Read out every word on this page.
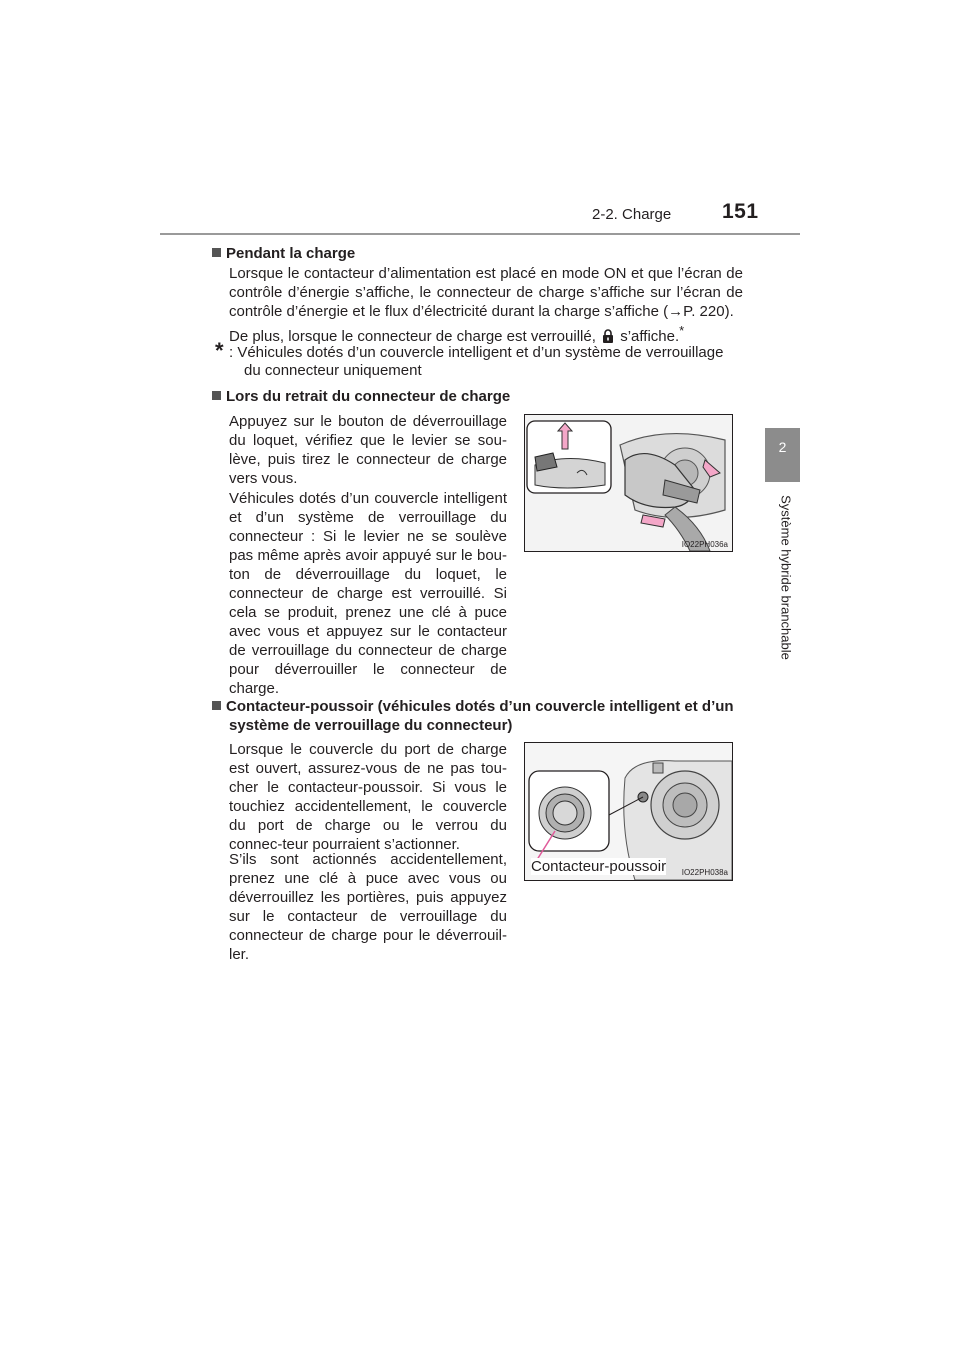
2-2. Charge 151
2
Système hybride branchable
Pendant la charge
Lorsque le contacteur d’alimentation est placé en mode ON et que l’écran de contrôle d’énergie s’affiche, le connecteur de charge s’affiche sur l’écran de contrôle d’énergie et le flux d’électricité durant la charge s’affiche (→P. 220).
De plus, lorsque le connecteur de charge est verrouillé, s’affiche.*
* : Véhicules dotés d’un couvercle intelligent et d’un système de verrouillage
du connecteur uniquement
Lors du retrait du connecteur de charge
Appuyez sur le bouton de déverrouillage du loquet, vérifiez que le levier se sou-lève, puis tirez le connecteur de charge vers vous.
Véhicules dotés d’un couvercle intelligent et d’un système de verrouillage du connecteur : Si le levier ne se soulève pas même après avoir appuyé sur le bou-ton de déverrouillage du loquet, le connecteur de charge est verrouillé. Si cela se produit, prenez une clé à puce avec vous et appuyez sur le contacteur de verrouillage du connecteur de charge pour déverrouiller le connecteur de charge.
IO22PH036a
Contacteur-poussoir (véhicules dotés d’un couvercle intelligent et d’un
système de verrouillage du connecteur)
Lorsque le couvercle du port de charge est ouvert, assurez-vous de ne pas tou-cher le contacteur-poussoir. Si vous le touchiez accidentellement, le couvercle du port de charge ou le verrou du connec-teur pourraient s’actionner.
S’ils sont actionnés accidentellement, prenez une clé à puce avec vous ou déverrouillez les portières, puis appuyez sur le contacteur de verrouillage du connecteur de charge pour le déverrouil-ler.
Contacteur-poussoir IO22PH038a
